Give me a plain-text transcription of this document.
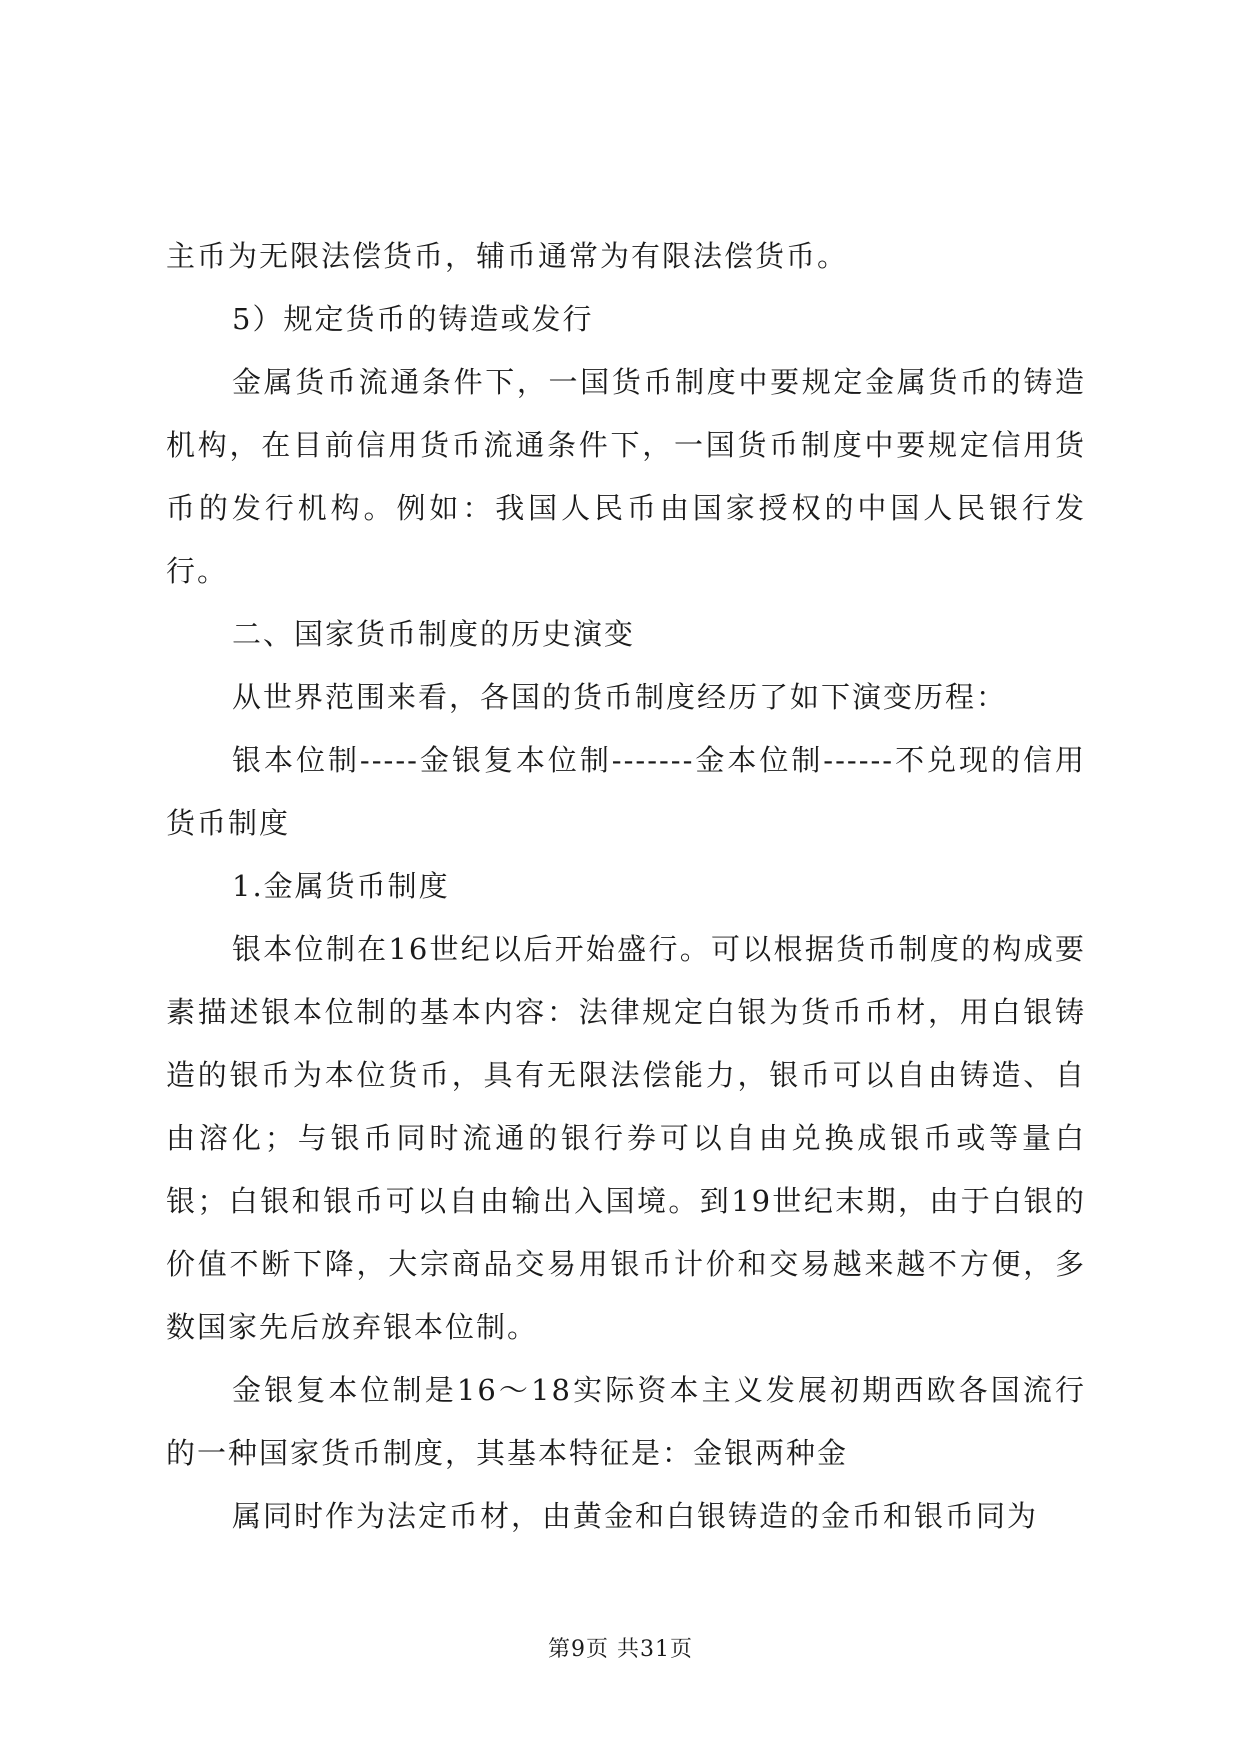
主币为无限法偿货币，辅币通常为有限法偿货币。

5）规定货币的铸造或发行

金属货币流通条件下，一国货币制度中要规定金属货币的铸造机构，在目前信用货币流通条件下，一国货币制度中要规定信用货币的发行机构。例如：我国人民币由国家授权的中国人民银行发行。

二、国家货币制度的历史演变

从世界范围来看，各国的货币制度经历了如下演变历程：

银本位制-----金银复本位制-------金本位制------不兑现的信用货币制度

1.金属货币制度

银本位制在16世纪以后开始盛行。可以根据货币制度的构成要素描述银本位制的基本内容：法律规定白银为货币币材，用白银铸造的银币为本位货币，具有无限法偿能力，银币可以自由铸造、自由溶化；与银币同时流通的银行券可以自由兑换成银币或等量白银；白银和银币可以自由输出入国境。到19世纪末期，由于白银的价值不断下降，大宗商品交易用银币计价和交易越来越不方便，多数国家先后放弃银本位制。

金银复本位制是16～18实际资本主义发展初期西欧各国流行的一种国家货币制度，其基本特征是：金银两种金

属同时作为法定币材，由黄金和白银铸造的金币和银币同为

第9页 共31页
